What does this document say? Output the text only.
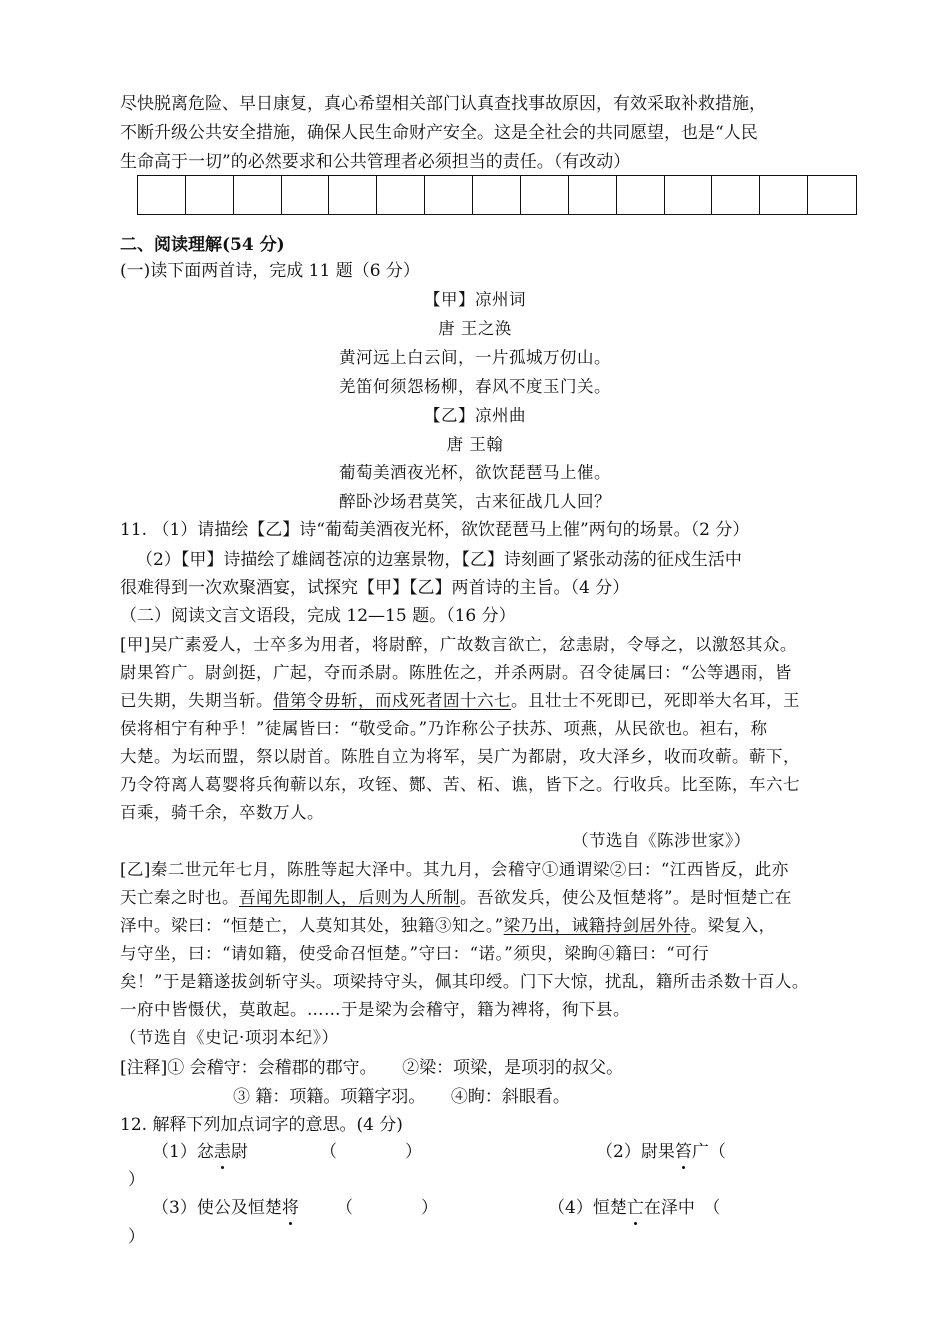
尽快脱离危险、早日康复，真心希望相关部门认真查找事故原因，有效采取补救措施，
不断升级公共安全措施，确保人民生命财产安全。这是全社会的共同愿望，也是“人民
生命高于一切”的必然要求和公共管理者必须担当的责任。（有改动）
二、阅读理解(54 分)
(一)读下面两首诗，完成 11 题（6 分）
【甲】凉州词
唐 王之涣
黄河远上白云间，一片孤城万仞山。
羌笛何须怨杨柳，春风不度玉门关。
【乙】凉州曲
唐 王翰
葡萄美酒夜光杯，欲饮琵琶马上催。
醉卧沙场君莫笑，古来征战几人回？
11. （1）请描绘【乙】诗“葡萄美酒夜光杯，欲饮琵琶马上催”两句的场景。（2 分）
（2）【甲】诗描绘了雄阔苍凉的边塞景物，【乙】诗刻画了紧张动荡的征戍生活中
很难得到一次欢聚酒宴，试探究【甲】【乙】两首诗的主旨。（4 分）
（二）阅读文言文语段，完成 12—15 题。（16 分）
[甲]吴广素爱人，士卒多为用者，将尉醉，广故数言欲亡，忿恚尉，令辱之，以激怒其众。
尉果笞广。尉剑挺，广起，夺而杀尉。陈胜佐之，并杀两尉。召令徒属曰：“公等遇雨，皆
已失期，失期当斩。借第令毋斩，而戍死者固十六七。且壮士不死即已，死即举大名耳，王
侯将相宁有种乎！”徒属皆曰：“敬受命。”乃诈称公子扶苏、项燕，从民欲也。袒右，称
大楚。为坛而盟，祭以尉首。陈胜自立为将军，吴广为都尉，攻大泽乡，收而攻蕲。蕲下，
乃令符离人葛婴将兵徇蕲以东，攻铚、酂、苦、柘、谯，皆下之。行收兵。比至陈，车六七
百乘，骑千余，卒数万人。
（节选自《陈涉世家》）
[乙]秦二世元年七月，陈胜等起大泽中。其九月，会稽守①通谓梁②曰：“江西皆反，此亦
天亡秦之时也。吾闻先即制人，后则为人所制。吾欲发兵，使公及恒楚将”。是时恒楚亡在
泽中。梁曰：“恒楚亡，人莫知其处，独籍③知之。”梁乃出，诫籍持剑居外待。梁复入，
与守坐，曰：“请如籍，使受命召恒楚。”守曰：“诺。”须臾，梁眴④籍曰：“可行
矣！”于是籍遂拔剑斩守头。项梁持守头，佩其印绶。门下大惊，扰乱，籍所击杀数十百人。
一府中皆慑伏，莫敢起。……于是梁为会稽守，籍为裨将，徇下县。
（节选自《史记·项羽本纪》）
[注释]① 会稽守：会稽郡的郡守。　　②梁：项梁，是项羽的叔父。
③ 籍：项籍。项籍字羽。　　④眴：斜眼看。
12. 解释下列加点词字的意思。(4 分)
（1）忿恚尉	（　　　　）	（2）尉果笞广（
）
（3）使公及恒楚将 （　　　　）	（4）恒楚亡在泽中　（
）
